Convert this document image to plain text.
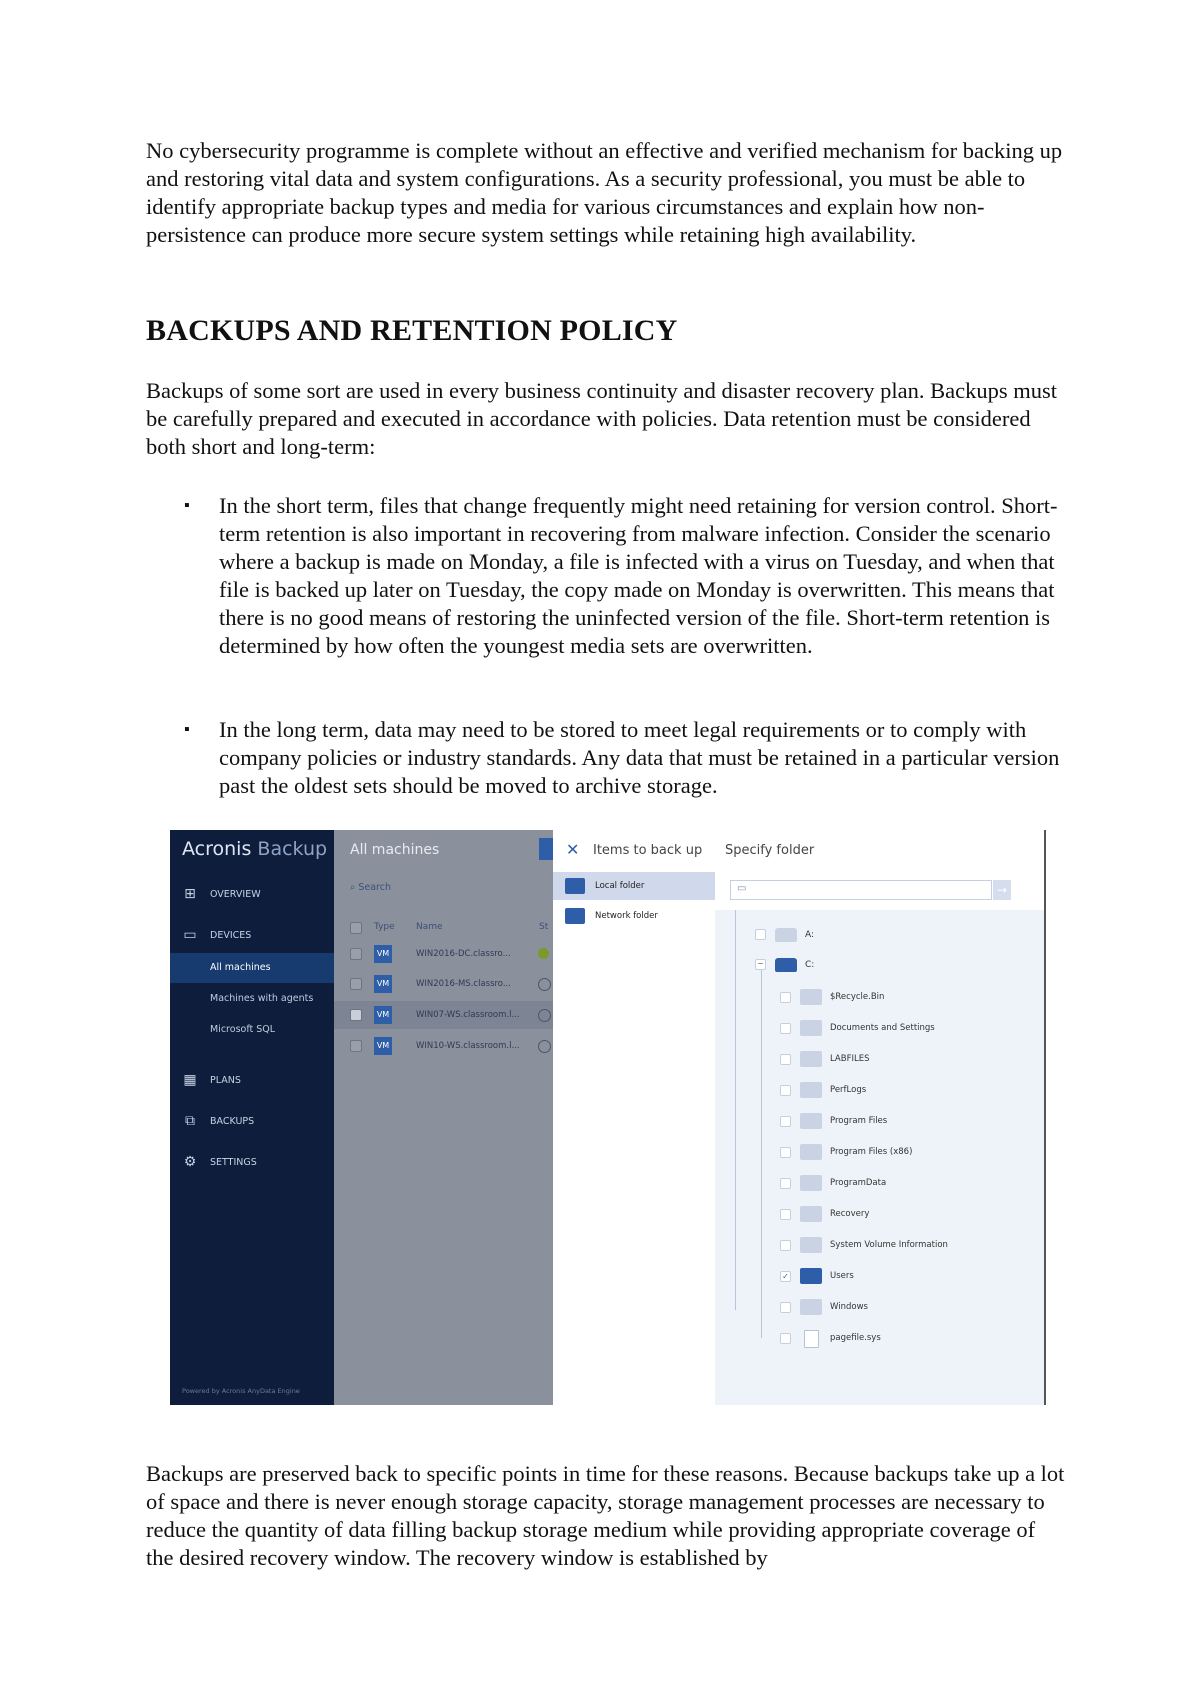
No cybersecurity programme is complete without an effective and verified mechanism for backing up and restoring vital data and system configurations. As a security professional, you must be able to identify appropriate backup types and media for various circumstances and explain how non-persistence can produce more secure system settings while retaining high availability.

BACKUPS AND RETENTION POLICY

Backups of some sort are used in every business continuity and disaster recovery plan. Backups must be carefully prepared and executed in accordance with policies. Data retention must be considered both short and long-term:

▪ In the short term, files that change frequently might need retaining for version control. Short-term retention is also important in recovering from malware infection. Consider the scenario where a backup is made on Monday, a file is infected with a virus on Tuesday, and when that file is backed up later on Tuesday, the copy made on Monday is overwritten. This means that there is no good means of restoring the uninfected version of the file. Short-term retention is determined by how often the youngest media sets are overwritten.
▪ In the long term, data may need to be stored to meet legal requirements or to comply with company policies or industry standards. Any data that must be retained in a particular version past the oldest sets should be moved to archive storage.
Acronis Backup
⊞ OVERVIEW
▭ DEVICES
All machines
Machines with agents
Microsoft SQL
▦ PLANS
⧉	BACKUPS
⚙ SETTINGS
Powered by Acronis AnyData Engine
All machines
⌕ Search
Type Name	St
VM	WIN2016-DC.classro...
VM	WIN2016-MS.classro...
VM	WIN07-WS.classroom.l...
VM	WIN10-WS.classroom.l...
✕ Items to back up
Local folder
Network folder
Specify folder
▭	→
A:
−	C:
$Recycle.Bin
Documents and Settings
LABFILES
PerfLogs
Program Files
Program Files (x86)
ProgramData
Recovery
System Volume Information
✓	Users
Windows
pagefile.sys

Backups are preserved back to specific points in time for these reasons. Because backups take up a lot of space and there is never enough storage capacity, storage management processes are necessary to reduce the quantity of data filling backup storage medium while providing appropriate coverage of the desired recovery window. The recovery window is established by
